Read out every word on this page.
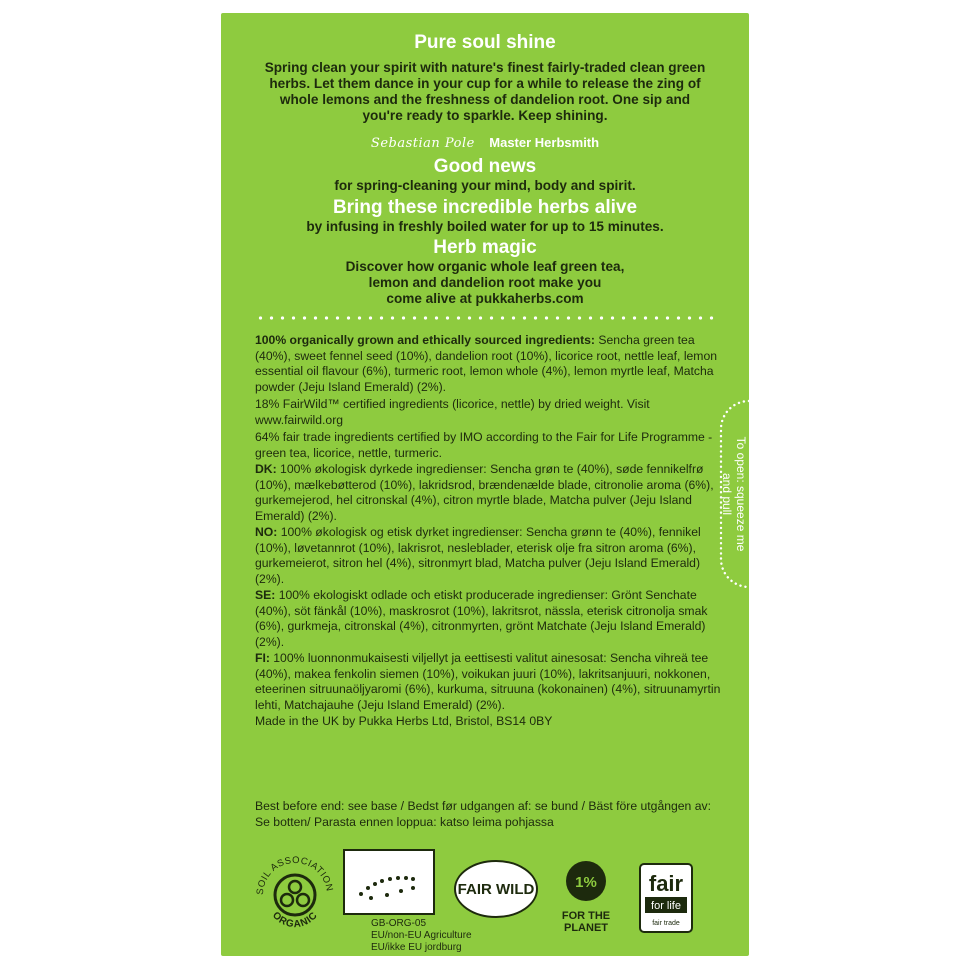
Pure soul shine
Spring clean your spirit with nature's finest fairly-traded clean green herbs. Let them dance in your cup for a while to release the zing of whole lemons and the freshness of dandelion root. One sip and you're ready to sparkle. Keep shining.
Sebastian Pole Master Herbsmith
Good news
for spring-cleaning your mind, body and spirit.
Bring these incredible herbs alive
by infusing in freshly boiled water for up to 15 minutes.
Herb magic
Discover how organic whole leaf green tea,
lemon and dandelion root make you
come alive at pukkaherbs.com

100% organically grown and ethically sourced ingredients: Sencha green tea (40%), sweet fennel seed (10%), dandelion root (10%), licorice root, nettle leaf, lemon essential oil flavour (6%), turmeric root, lemon whole (4%), lemon myrtle leaf, Matcha powder (Jeju Island Emerald) (2%).

18% FairWild™ certified ingredients (licorice, nettle) by dried weight. Visit www.fairwild.org

64% fair trade ingredients certified by IMO according to the Fair for Life Programme - green tea, licorice, nettle, turmeric.

DK: 100% økologisk dyrkede ingredienser: Sencha grøn te (40%), søde fennikelfrø (10%), mælkebøtterod (10%), lakridsrod, brændenælde blade, citronolie aroma (6%), gurkemejerod, hel citronskal (4%), citron myrtle blade, Matcha pulver (Jeju Island Emerald) (2%).

NO: 100% økologisk og etisk dyrket ingredienser: Sencha grønn te (40%), fennikel (10%), løvetannrot (10%), lakrisrot, nesleblader, eterisk olje fra sitron aroma (6%), gurkemeierot, sitron hel (4%), sitronmyrt blad, Matcha pulver (Jeju Island Emerald) (2%).

SE: 100% ekologiskt odlade och etiskt producerade ingredienser: Grönt Senchate (40%), söt fänkål (10%), maskrosrot (10%), lakritsrot, nässla, eterisk citronolja smak (6%), gurkmeja, citronskal (4%), citronmyrten, grönt Matchate (Jeju Island Emerald) (2%).

FI: 100% luonnonmukaisesti viljellyt ja eettisesti valitut ainesosat: Sencha vihreä tee (40%), makea fenkolin siemen (10%), voikukan juuri (10%), lakritsanjuuri, nokkonen, eteerinen sitruunaöljyaromi (6%), kurkuma, sitruuna (kokonainen) (4%), sitruunamyrtin lehti, Matchajauhe (Jeju Island Emerald) (2%).

Made in the UK by Pukka Herbs Ltd, Bristol, BS14 0BY

Best before end: see base / Bedst før udgangen af: se bund / Bäst före utgången av: Se botten/ Parasta ennen loppua: katso leima pohjassa
To open: squeeze me
and pull
SOIL ASSOCIATION
ORGANIC
GB-ORG-05
EU/non-EU Agriculture
EU/ikke EU jordburg
FAIR WILD	1%
FOR THE
PLANET
fair
for life
fair trade
